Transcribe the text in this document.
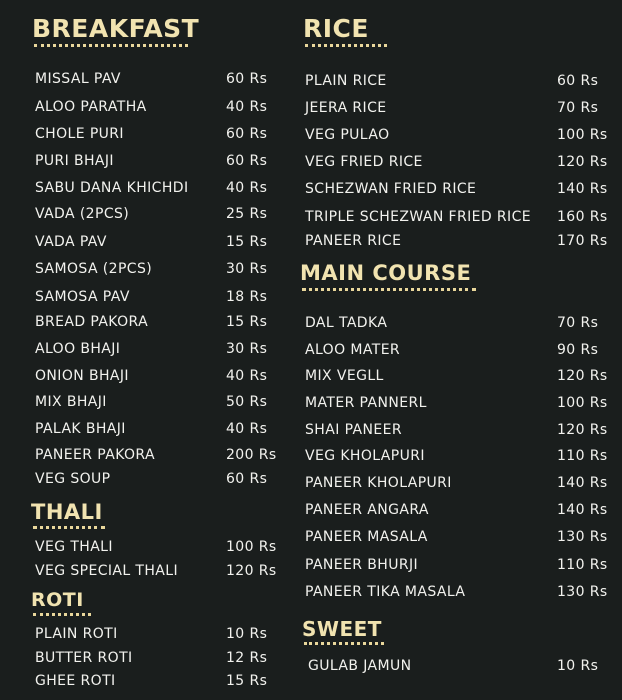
BREAKFAST
MISSAL PAV	60 Rs
ALOO PARATHA	40 Rs
CHOLE PURI	60 Rs
PURI BHAJI	60 Rs
SABU DANA KHICHDI	40 Rs
VADA (2PCS)	25 Rs
VADA PAV	15 Rs
SAMOSA (2PCS)	30 Rs
SAMOSA PAV	18 Rs
BREAD PAKORA	15 Rs
ALOO BHAJI	30 Rs
ONION BHAJI	40 Rs
MIX BHAJI	50 Rs
PALAK BHAJI	40 Rs
PANEER PAKORA	200 Rs
VEG SOUP	60 Rs
THALI
VEG THALI	100 Rs
VEG SPECIAL THALI	120 Rs
ROTI
PLAIN ROTI	10 Rs
BUTTER ROTI	12 Rs
GHEE ROTI	15 Rs
RICE
PLAIN RICE	60 Rs
JEERA RICE	70 Rs
VEG PULAO	100 Rs
VEG FRIED RICE	120 Rs
SCHEZWAN FRIED RICE	140 Rs
TRIPLE SCHEZWAN FRIED RICE 160 Rs
PANEER RICE	170 Rs
MAIN COURSE
DAL TADKA	70 Rs
ALOO MATER	90 Rs
MIX VEGLL	120 Rs
MATER PANNERL	100 Rs
SHAI PANEER	120 Rs
VEG KHOLAPURI	110 Rs
PANEER KHOLAPURI	140 Rs
PANEER ANGARA	140 Rs
PANEER MASALA	130 Rs
PANEER BHURJI	110 Rs
PANEER TIKA MASALA	130 Rs
SWEET
GULAB JAMUN	10 Rs
